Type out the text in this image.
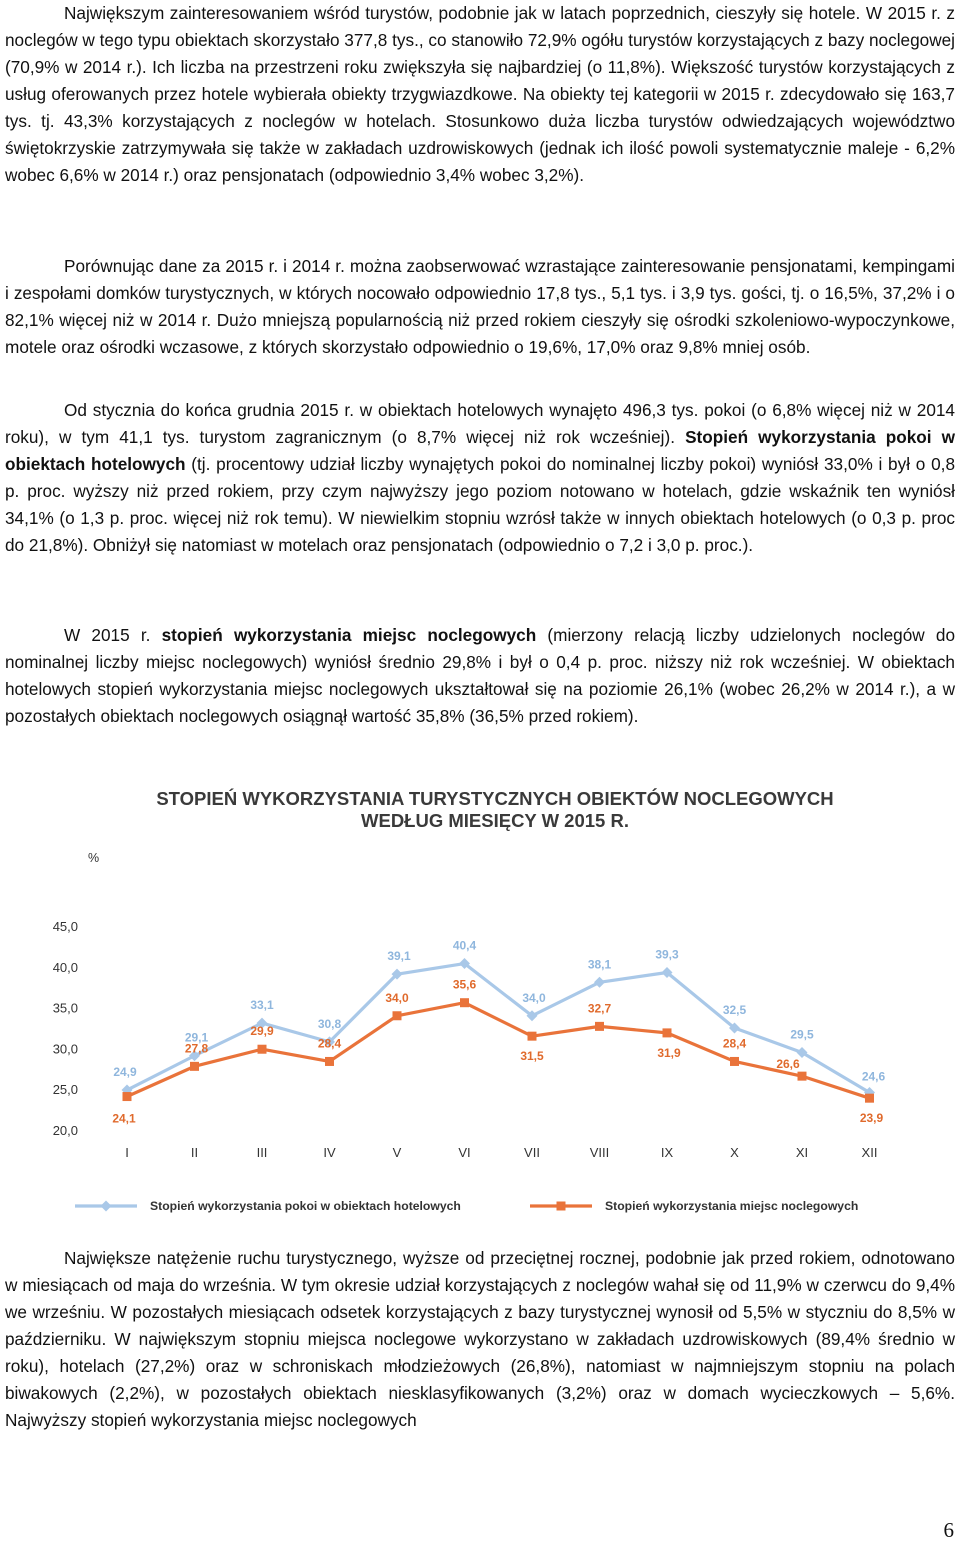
Największym zainteresowaniem wśród turystów, podobnie jak w latach poprzednich, cieszyły się hotele. W 2015 r. z noclegów w tego typu obiektach skorzystało 377,8 tys., co stanowiło 72,9% ogółu turystów korzystających z bazy noclegowej (70,9% w 2014 r.). Ich liczba na przestrzeni roku zwiększyła się najbardziej (o 11,8%). Większość turystów korzystających z usług oferowanych przez hotele wybierała obiekty trzygwiazdkowe. Na obiekty tej kategorii w 2015 r. zdecydowało się 163,7 tys. tj. 43,3% korzystających z noclegów w hotelach. Stosunkowo duża liczba turystów odwiedzających województwo świętokrzyskie zatrzymywała się także w zakładach uzdrowiskowych (jednak ich ilość powoli systematycznie maleje - 6,2% wobec 6,6% w 2014 r.) oraz pensjonatach (odpowiednio 3,4% wobec 3,2%).
Porównując dane za 2015 r. i 2014 r. można zaobserwować wzrastające zainteresowanie pensjonatami, kempingami i zespołami domków turystycznych, w których nocowało odpowiednio 17,8 tys., 5,1 tys. i 3,9 tys. gości, tj. o 16,5%, 37,2% i o 82,1% więcej niż w 2014 r. Dużo mniejszą popularnością niż przed rokiem cieszyły się ośrodki szkoleniowo-wypoczynkowe, motele oraz ośrodki wczasowe, z których skorzystało odpowiednio o 19,6%, 17,0% oraz 9,8% mniej osób.
Od stycznia do końca grudnia 2015 r. w obiektach hotelowych wynajęto 496,3 tys. pokoi (o 6,8% więcej niż w 2014 roku), w tym 41,1 tys. turystom zagranicznym (o 8,7% więcej niż rok wcześniej). Stopień wykorzystania pokoi w obiektach hotelowych (tj. procentowy udział liczby wynajętych pokoi do nominalnej liczby pokoi) wyniósł 33,0% i był o 0,8 p. proc. wyższy niż przed rokiem, przy czym najwyższy jego poziom notowano w hotelach, gdzie wskaźnik ten wyniósł 34,1% (o 1,3 p. proc. więcej niż rok temu). W niewielkim stopniu wzrósł także w innych obiektach hotelowych (o 0,3 p. proc do 21,8%). Obniżył się natomiast w motelach oraz pensjonatach (odpowiednio o 7,2 i 3,0 p. proc.).
W 2015 r. stopień wykorzystania miejsc noclegowych (mierzony relacją liczby udzielonych noclegów do nominalnej liczby miejsc noclegowych) wyniósł średnio 29,8% i był o 0,4 p. proc. niższy niż rok wcześniej. W obiektach hotelowych stopień wykorzystania miejsc noclegowych ukształtował się na poziomie 26,1% (wobec 26,2% w 2014 r.), a w pozostałych obiektach noclegowych osiągnął wartość 35,8% (36,5% przed rokiem).
STOPIEŃ WYKORZYSTANIA TURYSTYCZNYCH OBIEKTÓW NOCLEGOWYCH
WEDŁUG MIESIĘCY W 2015 R.
%
20,0
25,0
30,0
35,0
40,0
45,0
I	II	III	IV	V	VI	VII	VIII	IX	X	XI	XII
24,9
29,1
33,1
30,8
39,1
40,4
34,0
38,1
39,3
32,5
29,5
24,6
24,1
27,8
29,9
28,4
34,0
35,6
31,5
32,7
31,9
28,4
26,6
23,9
Stopień wykorzystania pokoi w obiektach hotelowych	Stopień wykorzystania miejsc noclegowych
Największe natężenie ruchu turystycznego, wyższe od przeciętnej rocznej, podobnie jak przed rokiem, odnotowano w miesiącach od maja do września. W tym okresie udział korzystających z noclegów wahał się od 11,9% w czerwcu do 9,4% we wrześniu. W pozostałych miesiącach odsetek korzystających z bazy turystycznej wynosił od 5,5% w styczniu do 8,5% w październiku. W największym stopniu miejsca noclegowe wykorzystano w zakładach uzdrowiskowych (89,4% średnio w roku), hotelach (27,2%) oraz w schroniskach młodzieżowych (26,8%), natomiast w najmniejszym stopniu na polach biwakowych (2,2%), w pozostałych obiektach niesklasyfikowanych (3,2%) oraz w domach wycieczkowych – 5,6%. Najwyższy stopień wykorzystania miejsc noclegowych
6
